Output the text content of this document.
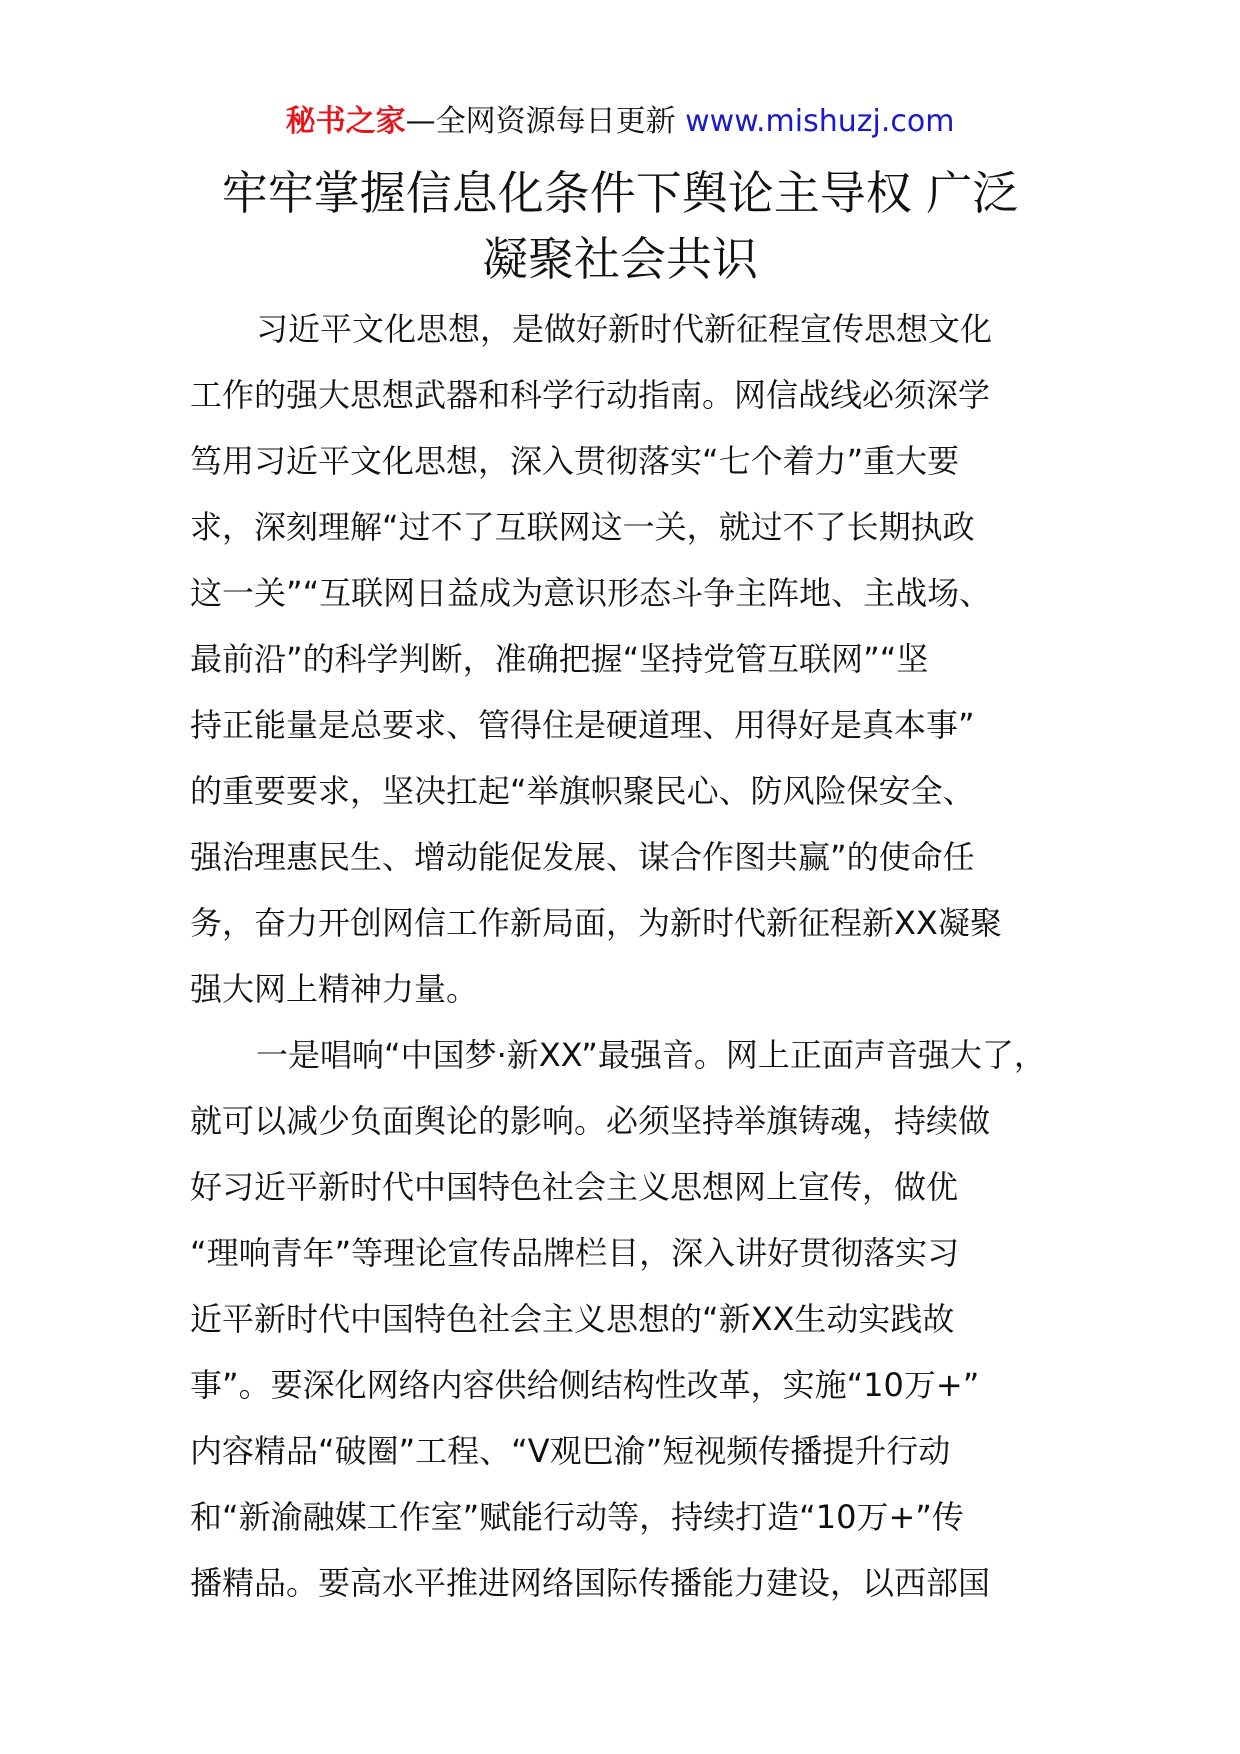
秘书之家—全网资源每日更新 www.mishuzj.com
牢牢掌握信息化条件下舆论主导权 广泛
凝聚社会共识
习近平文化思想，是做好新时代新征程宣传思想文化
工作的强大思想武器和科学行动指南。网信战线必须深学
笃用习近平文化思想，深入贯彻落实“七个着力”重大要
求，深刻理解“过不了互联网这一关，就过不了长期执政
这一关”“互联网日益成为意识形态斗争主阵地、主战场、
最前沿”的科学判断，准确把握“坚持党管互联网”“坚
持正能量是总要求、管得住是硬道理、用得好是真本事”
的重要要求，坚决扛起“举旗帜聚民心、防风险保安全、
强治理惠民生、增动能促发展、谋合作图共赢”的使命任
务，奋力开创网信工作新局面，为新时代新征程新XX凝聚
强大网上精神力量。
一是唱响“中国梦·新XX”最强音。网上正面声音强大了，
就可以减少负面舆论的影响。必须坚持举旗铸魂，持续做
好习近平新时代中国特色社会主义思想网上宣传，做优
“理响青年”等理论宣传品牌栏目，深入讲好贯彻落实习
近平新时代中国特色社会主义思想的“新XX生动实践故
事”。要深化网络内容供给侧结构性改革，实施“10万+”
内容精品“破圈”工程、“V观巴渝”短视频传播提升行动
和“新渝融媒工作室”赋能行动等，持续打造“10万+”传
播精品。要高水平推进网络国际传播能力建设，以西部国
